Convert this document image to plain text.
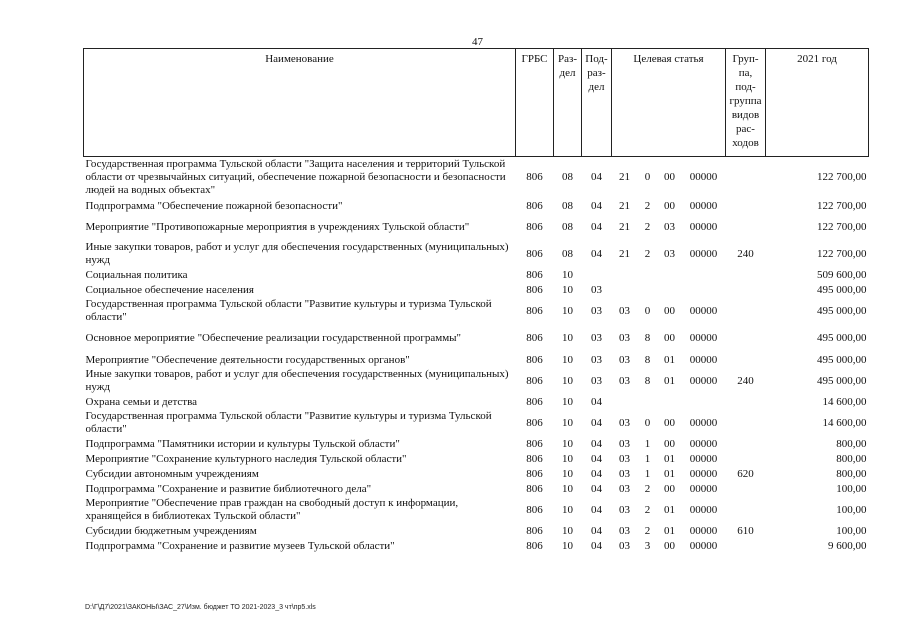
47
Наименование	ГРБС	Раз- дел	Под- раз- дел	Целевая статья				Груп- па, под- группа видов рас- ходов	2021 год
Государственная программа Тульской области "Защита населения и территорий Тульской области от чрезвычайных ситуаций, обеспечение пожарной безопасности и безопасности людей на водных объектах"	806	08	04	21	0	00	00000		122 700,00
Подпрограмма "Обеспечение пожарной безопасности"	806	08	04	21	2	00	00000		122 700,00
Мероприятие "Противопожарные мероприятия в учреждениях Тульской области"	806	08	04	21	2	03	00000		122 700,00
Иные закупки товаров, работ и услуг для обеспечения государственных (муниципальных) нужд	806	08	04	21	2	03	00000	240	122 700,00
Социальная политика	806	10							509 600,00
Социальное обеспечение населения	806	10	03						495 000,00
Государственная программа Тульской области "Развитие культуры и туризма Тульской области"	806	10	03	03	0	00	00000		495 000,00
Основное мероприятие "Обеспечение реализации государственной программы"	806	10	03	03	8	00	00000		495 000,00
Мероприятие "Обеспечение деятельности государственных органов"	806	10	03	03	8	01	00000		495 000,00
Иные закупки товаров, работ и услуг для обеспечения государственных (муниципальных) нужд	806	10	03	03	8	01	00000	240	495 000,00
Охрана семьи и детства	806	10	04						14 600,00
Государственная программа Тульской области "Развитие культуры и туризма Тульской области"	806	10	04	03	0	00	00000		14 600,00
Подпрограмма "Памятники истории и культуры Тульской области"	806	10	04	03	1	00	00000		800,00
Мероприятие "Сохранение культурного наследия Тульской области"	806	10	04	03	1	01	00000		800,00
Субсидии автономным учреждениям	806	10	04	03	1	01	00000	620	800,00
Подпрограмма "Сохранение и развитие библиотечного дела"	806	10	04	03	2	00	00000		100,00
Мероприятие "Обеспечение прав граждан на свободный доступ к информации, хранящейся в библиотеках Тульской области"	806	10	04	03	2	01	00000		100,00
Субсидии бюджетным учреждениям	806	10	04	03	2	01	00000	610	100,00
Подпрограмма "Сохранение и развитие музеев Тульской области"	806	10	04	03	3	00	00000		9 600,00
D:\Г\Д7\2021\ЗАКОНЫ\ЗАС_27\Изм. бюджет ТО 2021-2023_3 чт\пр5.xls
